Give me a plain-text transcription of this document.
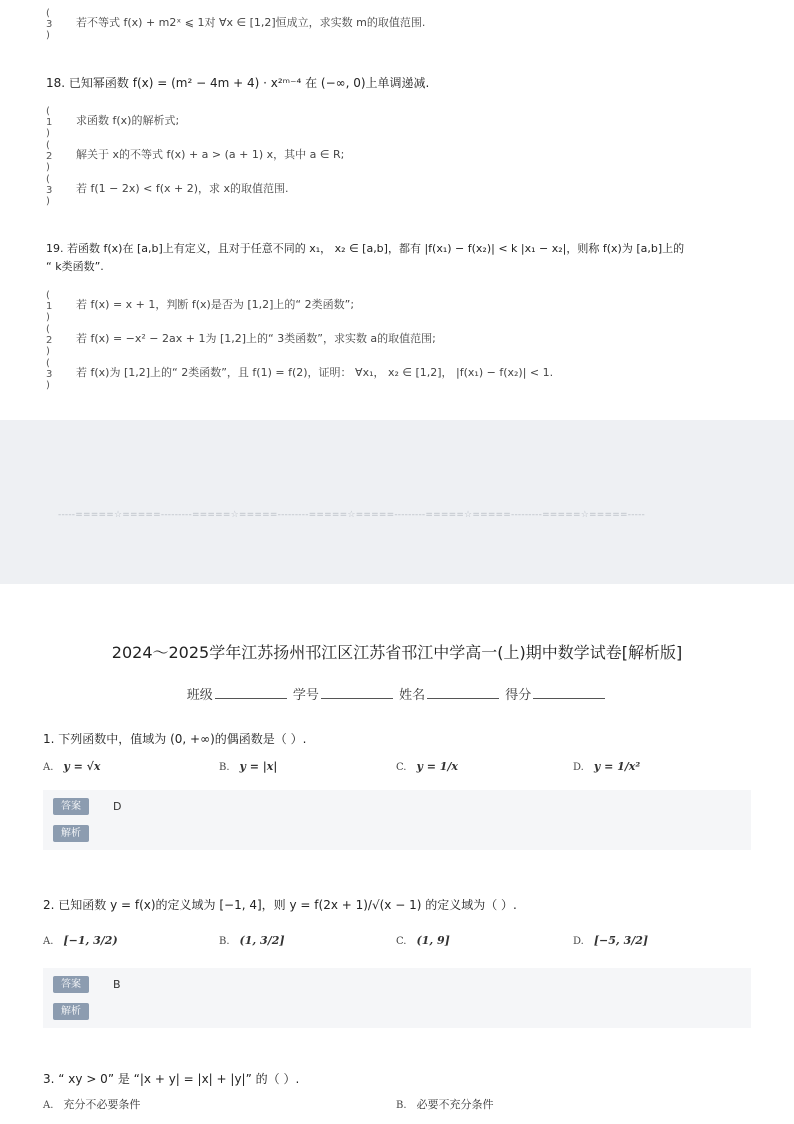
( 3 )
若不等式 f(x) + m2ˣ ⩽ 1对 ∀x ∈ [1,2]恒成立，求实数 m的取值范围.
18. 已知幂函数 f(x) = (m² − 4m + 4) · x²ᵐ⁻⁴ 在 (−∞, 0)上单调递减.
( 1 )
求函数 f(x)的解析式;
( 2 )
解关于 x的不等式 f(x) + a > (a + 1) x，其中 a ∈ R;
( 3 )
若 f(1 − 2x) < f(x + 2)，求 x的取值范围.
19. 若函数 f(x)在 [a,b]上有定义，且对于任意不同的 x₁， x₂ ∈ [a,b]，都有 |f(x₁) − f(x₂)| < k |x₁ − x₂|，则称 f(x)为 [a,b]上的
“ k类函数”.
( 1 )
若 f(x) = x + 1，判断 f(x)是否为 [1,2]上的“ 2类函数”;
( 2 )
若 f(x) = −x² − 2ax + 1为 [1,2]上的“ 3类函数”，求实数 a的取值范围;
( 3 )
若 f(x)为 [1,2]上的“ 2类函数”，且 f(1) = f(2)，证明： ∀x₁， x₂ ∈ [1,2]， |f(x₁) − f(x₂)| < 1.
-----=====☆=====---------=====☆=====---------=====☆=====---------=====☆=====---------=====☆=====-----
2024～2025学年江苏扬州邗江区江苏省邗江中学高一(上)期中数学试卷[解析版]
班级	学号	姓名	得分
1. 下列函数中，值域为 (0, +∞)的偶函数是（ ）.
A. y = √x	B. y = |x|	C. y = 1/x	D. y = 1/x²
答案	D
解析
2. 已知函数 y = f(x)的定义域为 [−1, 4]，则 y = f(2x + 1)/√(x − 1) 的定义域为（ ）.
A. [−1, 3/2)	B. (1, 3/2]	C. (1, 9]	D. [−5, 3/2]
答案	B
解析
3. “ xy > 0” 是 “|x + y| = |x| + |y|” 的（ ）.
A. 充分不必要条件	B. 必要不充分条件
